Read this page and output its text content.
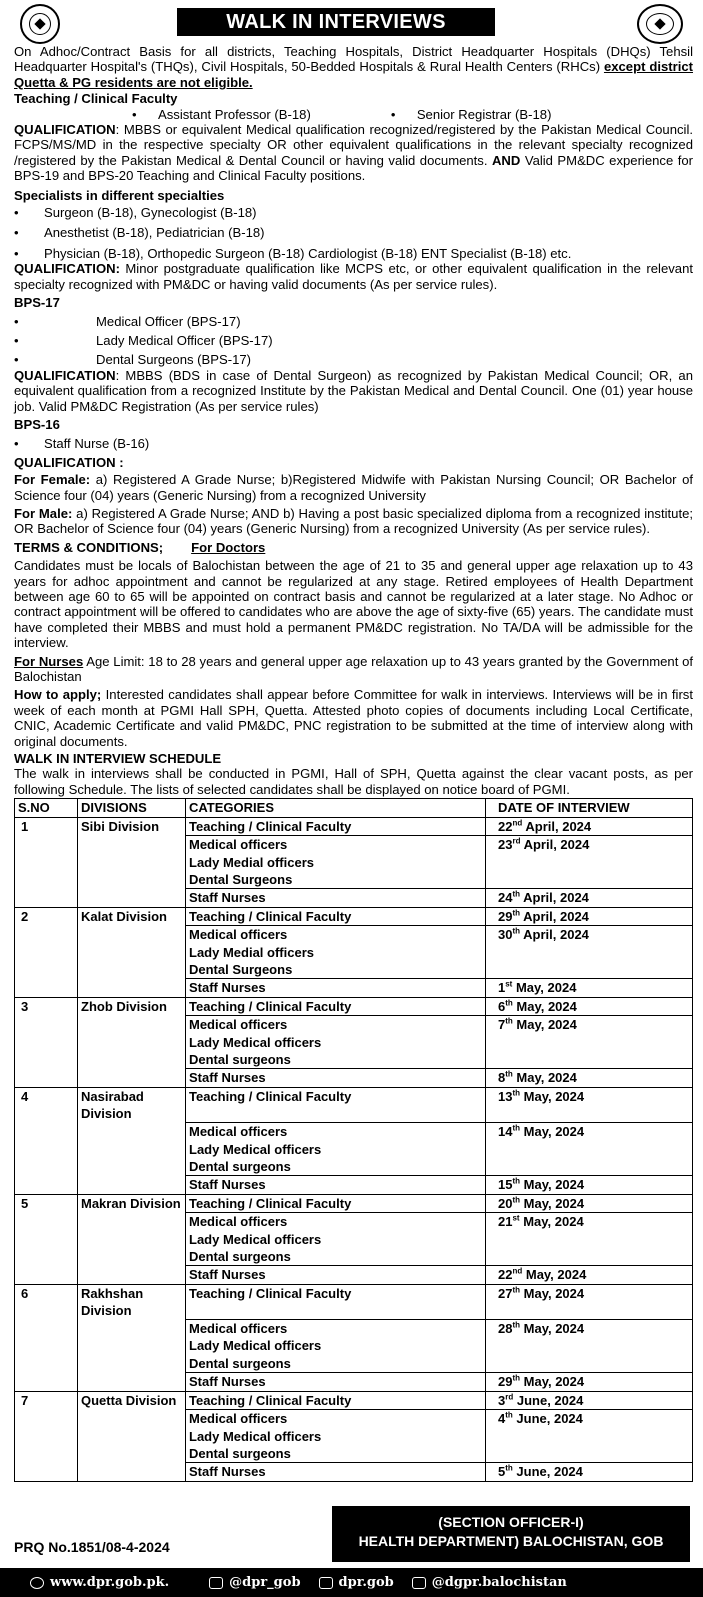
WALK IN INTERVIEWS

On Adhoc/Contract Basis for all districts, Teaching Hospitals, District Headquarter Hospitals (DHQs) Tehsil Headquarter Hospital's (THQs), Civil Hospitals, 50-Bedded Hospitals & Rural Health Centers (RHCs) except district Quetta & PG residents are not eligible.

Teaching / Clinical Faculty
• Assistant Professor (B-18)	• Senior Registrar (B-18)

QUALIFICATION: MBBS or equivalent Medical qualification recognized/registered by the Pakistan Medical Council. FCPS/MS/MD in the respective specialty OR other equivalent qualifications in the relevant specialty recognized /registered by the Pakistan Medical & Dental Council or having valid documents. AND Valid PM&DC experience for BPS-19 and BPS-20 Teaching and Clinical Faculty positions.

Specialists in different specialties
• Surgeon (B-18), Gynecologist (B-18)
• Anesthetist (B-18), Pediatrician (B-18)
• Physician (B-18), Orthopedic Surgeon (B-18) Cardiologist (B-18) ENT Specialist (B-18) etc.

QUALIFICATION: Minor postgraduate qualification like MCPS etc, or other equivalent qualification in the relevant specialty recognized with PM&DC or having valid documents (As per service rules).

BPS-17
• Medical Officer (BPS-17)
• Lady Medical Officer (BPS-17)
• Dental Surgeons (BPS-17)

QUALIFICATION: MBBS (BDS in case of Dental Surgeon) as recognized by Pakistan Medical Council; OR, an equivalent qualification from a recognized Institute by the Pakistan Medical and Dental Council. One (01) year house job. Valid PM&DC Registration (As per service rules)

BPS-16
• Staff Nurse (B-16)
QUALIFICATION :

For Female: a) Registered A Grade Nurse; b)Registered Midwife with Pakistan Nursing Council; OR Bachelor of Science four (04) years (Generic Nursing) from a recognized University

For Male: a) Registered A Grade Nurse; AND b) Having a post basic specialized diploma from a recognized institute; OR Bachelor of Science four (04) years (Generic Nursing) from a recognized University (As per service rules).

TERMS & CONDITIONS; For Doctors

Candidates must be locals of Balochistan between the age of 21 to 35 and general upper age relaxation up to 43 years for adhoc appointment and cannot be regularized at any stage. Retired employees of Health Department between age 60 to 65 will be appointed on contract basis and cannot be regularized at a later stage. No Adhoc or contract appointment will be offered to candidates who are above the age of sixty-five (65) years. The candidate must have completed their MBBS and must hold a permanent PM&DC registration. No TA/DA will be admissible for the interview.

For Nurses Age Limit: 18 to 28 years and general upper age relaxation up to 43 years granted by the Government of Balochistan

How to apply; Interested candidates shall appear before Committee for walk in interviews. Interviews will be in first week of each month at PGMI Hall SPH, Quetta. Attested photo copies of documents including Local Certificate, CNIC, Academic Certificate and valid PM&DC, PNC registration to be submitted at the time of interview along with original documents.

WALK IN INTERVIEW SCHEDULE

The walk in interviews shall be conducted in PGMI, Hall of SPH, Quetta against the clear vacant posts, as per following Schedule. The lists of selected candidates shall be displayed on notice board of PGMI.

S.NO	DIVISIONS	CATEGORIES	DATE OF INTERVIEW
1	Sibi Division	Teaching / Clinical Faculty	22nd April, 2024
		Medical officers	23rd April, 2024
		Lady Medial officers	
		Dental Surgeons	
		Staff Nurses	24th April, 2024
2	Kalat Division	Teaching / Clinical Faculty	29th April, 2024
		Medical officers	30th April, 2024
		Lady Medial officers	
		Dental Surgeons	
		Staff Nurses	1st May, 2024
3	Zhob Division	Teaching / Clinical Faculty	6th May, 2024
		Medical officers	7th May, 2024
		Lady Medical officers	
		Dental surgeons	
		Staff Nurses	8th May, 2024
4	Nasirabad Division	Teaching / Clinical Faculty	13th May, 2024
		Medical officers	14th May, 2024
		Lady Medical officers	
		Dental surgeons	
		Staff Nurses	15th May, 2024
5	Makran Division	Teaching / Clinical Faculty	20th May, 2024
		Medical officers	21st May, 2024
		Lady Medical officers	
		Dental surgeons	
		Staff Nurses	22nd May, 2024
6	Rakhshan Division	Teaching / Clinical Faculty	27th May, 2024
		Medical officers	28th May, 2024
		Lady Medical officers	
		Dental surgeons	
		Staff Nurses	29th May, 2024
7	Quetta Division	Teaching / Clinical Faculty	3rd June, 2024
		Medical officers	4th June, 2024
		Lady Medical officers	
		Dental surgeons	
		Staff Nurses	5th June, 2024
(SECTION OFFICER-I)
HEALTH DEPARTMENT) BALOCHISTAN, GOB
PRQ No.1851/08-4-2024
www.dpr.gob.pk.	@dpr_gob	dpr.gob	@dgpr.balochistan
